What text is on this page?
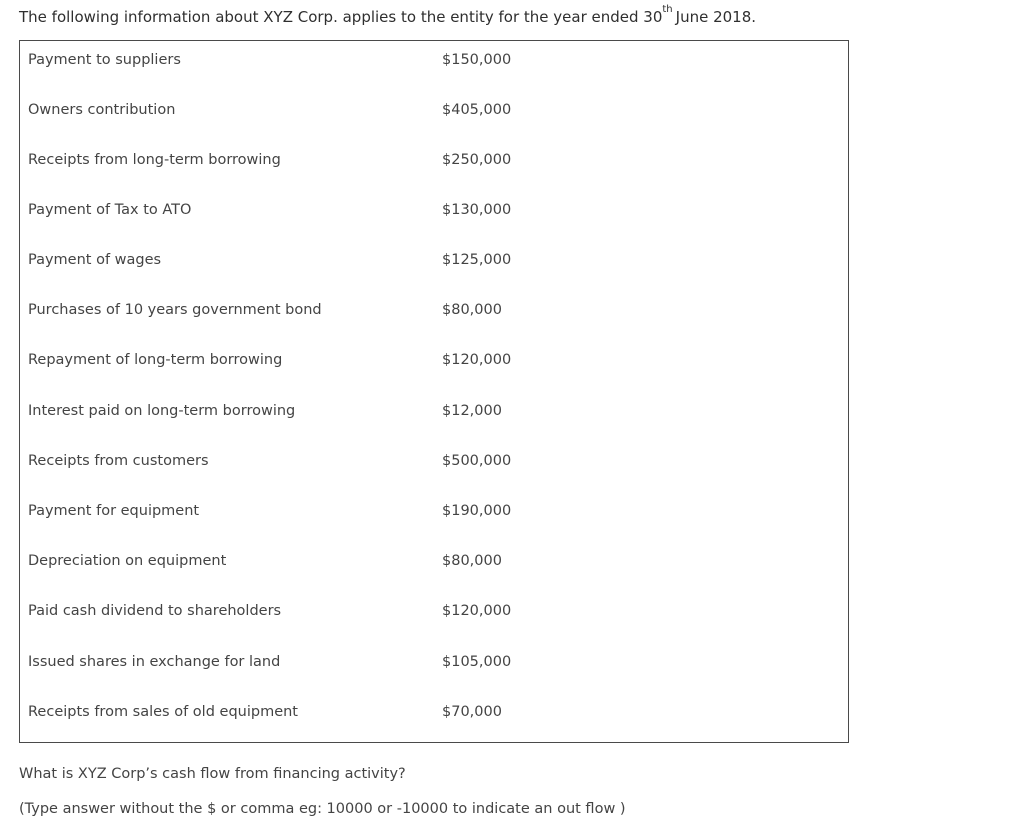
The following information about XYZ Corp. applies to the entity for the year ended 30th June 2018.
Payment to suppliers	$150,000
Owners contribution	$405,000
Receipts from long-term borrowing	$250,000
Payment of Tax to ATO	$130,000
Payment of wages	$125,000
Purchases of 10 years government bond	$80,000
Repayment of long-term borrowing	$120,000
Interest paid on long-term borrowing	$12,000
Receipts from customers	$500,000
Payment for equipment	$190,000
Depreciation on equipment	$80,000
Paid cash dividend to shareholders	$120,000
Issued shares in exchange for land	$105,000
Receipts from sales of old equipment	$70,000
What is XYZ Corp’s cash flow from financing activity?
(Type answer without the $ or comma eg: 10000 or -10000 to indicate an out flow )
